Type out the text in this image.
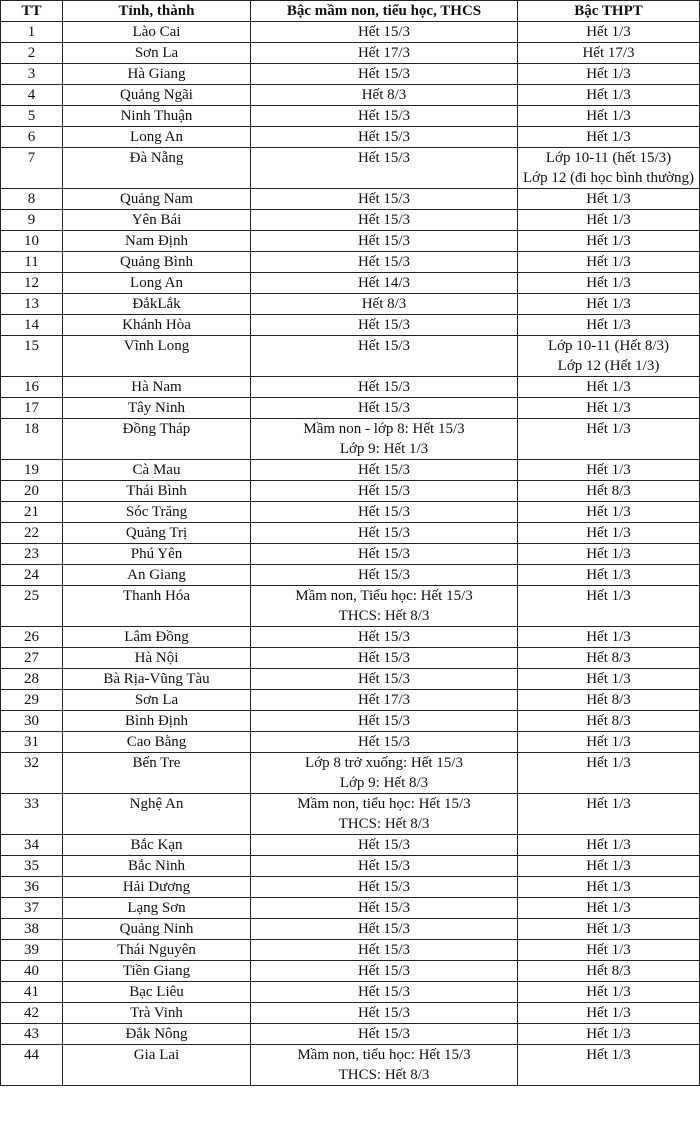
TT	Tỉnh, thành	Bậc mầm non, tiểu học, THCS	Bậc THPT
1	Lào Cai	Hết 15/3	Hết 1/3
2	Sơn La	Hết 17/3	Hết 17/3
3	Hà Giang	Hết 15/3	Hết 1/3
4	Quảng Ngãi	Hết 8/3	Hết 1/3
5	Ninh Thuận	Hết 15/3	Hết 1/3
6	Long An	Hết 15/3	Hết 1/3
7	Đà Nẵng	Hết 15/3	Lớp 10-11 (hết 15/3)
Lớp 12 (đi học bình thường)
8	Quảng Nam	Hết 15/3	Hết 1/3
9	Yên Bái	Hết 15/3	Hết 1/3
10	Nam Định	Hết 15/3	Hết 1/3
11	Quảng Bình	Hết 15/3	Hết 1/3
12	Long An	Hết 14/3	Hết 1/3
13	ĐắkLắk	Hết 8/3	Hết 1/3
14	Khánh Hòa	Hết 15/3	Hết 1/3
15	Vĩnh Long	Hết 15/3	Lớp 10-11 (Hết 8/3)
Lớp 12 (Hết 1/3)
16	Hà Nam	Hết 15/3	Hết 1/3
17	Tây Ninh	Hết 15/3	Hết 1/3
18	Đồng Tháp	Mầm non - lớp 8: Hết 15/3
Lớp 9: Hết 1/3	Hết 1/3
19	Cà Mau	Hết 15/3	Hết 1/3
20	Thái Bình	Hết 15/3	Hết 8/3
21	Sóc Trăng	Hết 15/3	Hết 1/3
22	Quảng Trị	Hết 15/3	Hết 1/3
23	Phú Yên	Hết 15/3	Hết 1/3
24	An Giang	Hết 15/3	Hết 1/3
25	Thanh Hóa	Mầm non, Tiểu học: Hết 15/3
THCS: Hết 8/3	Hết 1/3
26	Lâm Đồng	Hết 15/3	Hết 1/3
27	Hà Nội	Hết 15/3	Hết 8/3
28	Bà Rịa-Vũng Tàu	Hết 15/3	Hết 1/3
29	Sơn La	Hết 17/3	Hết 8/3
30	Bình Định	Hết 15/3	Hết 8/3
31	Cao Bằng	Hết 15/3	Hết 1/3
32	Bến Tre	Lớp 8 trở xuống: Hết 15/3
Lớp 9: Hết 8/3	Hết 1/3
33	Nghệ An	Mầm non, tiểu học: Hết 15/3
THCS: Hết 8/3	Hết 1/3
34	Bắc Kạn	Hết 15/3	Hết 1/3
35	Bắc Ninh	Hết 15/3	Hết 1/3
36	Hải Dương	Hết 15/3	Hết 1/3
37	Lạng Sơn	Hết 15/3	Hết 1/3
38	Quảng Ninh	Hết 15/3	Hết 1/3
39	Thái Nguyên	Hết 15/3	Hết 1/3
40	Tiền Giang	Hết 15/3	Hết 8/3
41	Bạc Liêu	Hết 15/3	Hết 1/3
42	Trà Vinh	Hết 15/3	Hết 1/3
43	Đắk Nông	Hết 15/3	Hết 1/3
44	Gia Lai	Mầm non, tiểu học: Hết 15/3
THCS: Hết 8/3	Hết 1/3
